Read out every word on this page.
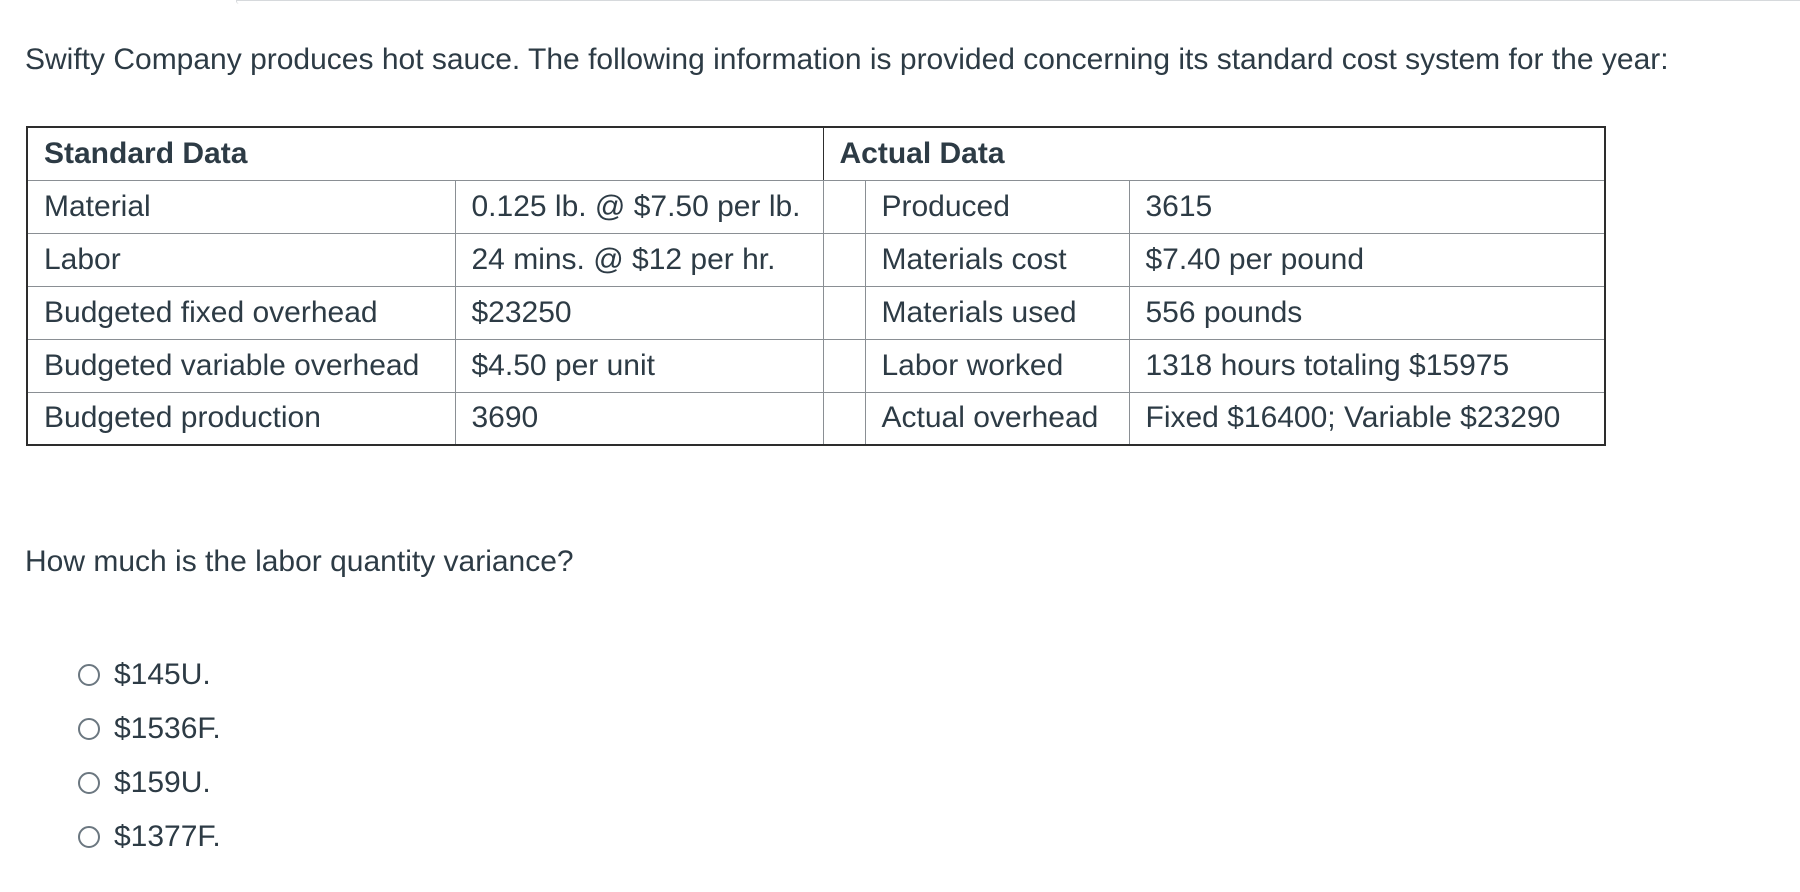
Swifty Company produces hot sauce. The following information is provided concerning its standard cost system for the year:

Standard Data		Actual Data		
Material	0.125 lb. @ $7.50 per lb.		Produced	3615
Labor	24 mins. @ $12 per hr.		Materials cost	$7.40 per pound
Budgeted fixed overhead	$23250		Materials used	556 pounds
Budgeted variable overhead	$4.50 per unit		Labor worked	1318 hours totaling $15975
Budgeted production	3690		Actual overhead	Fixed $16400; Variable $23290

How much is the labor quantity variance?

$145U.
$1536F.
$159U.
$1377F.
